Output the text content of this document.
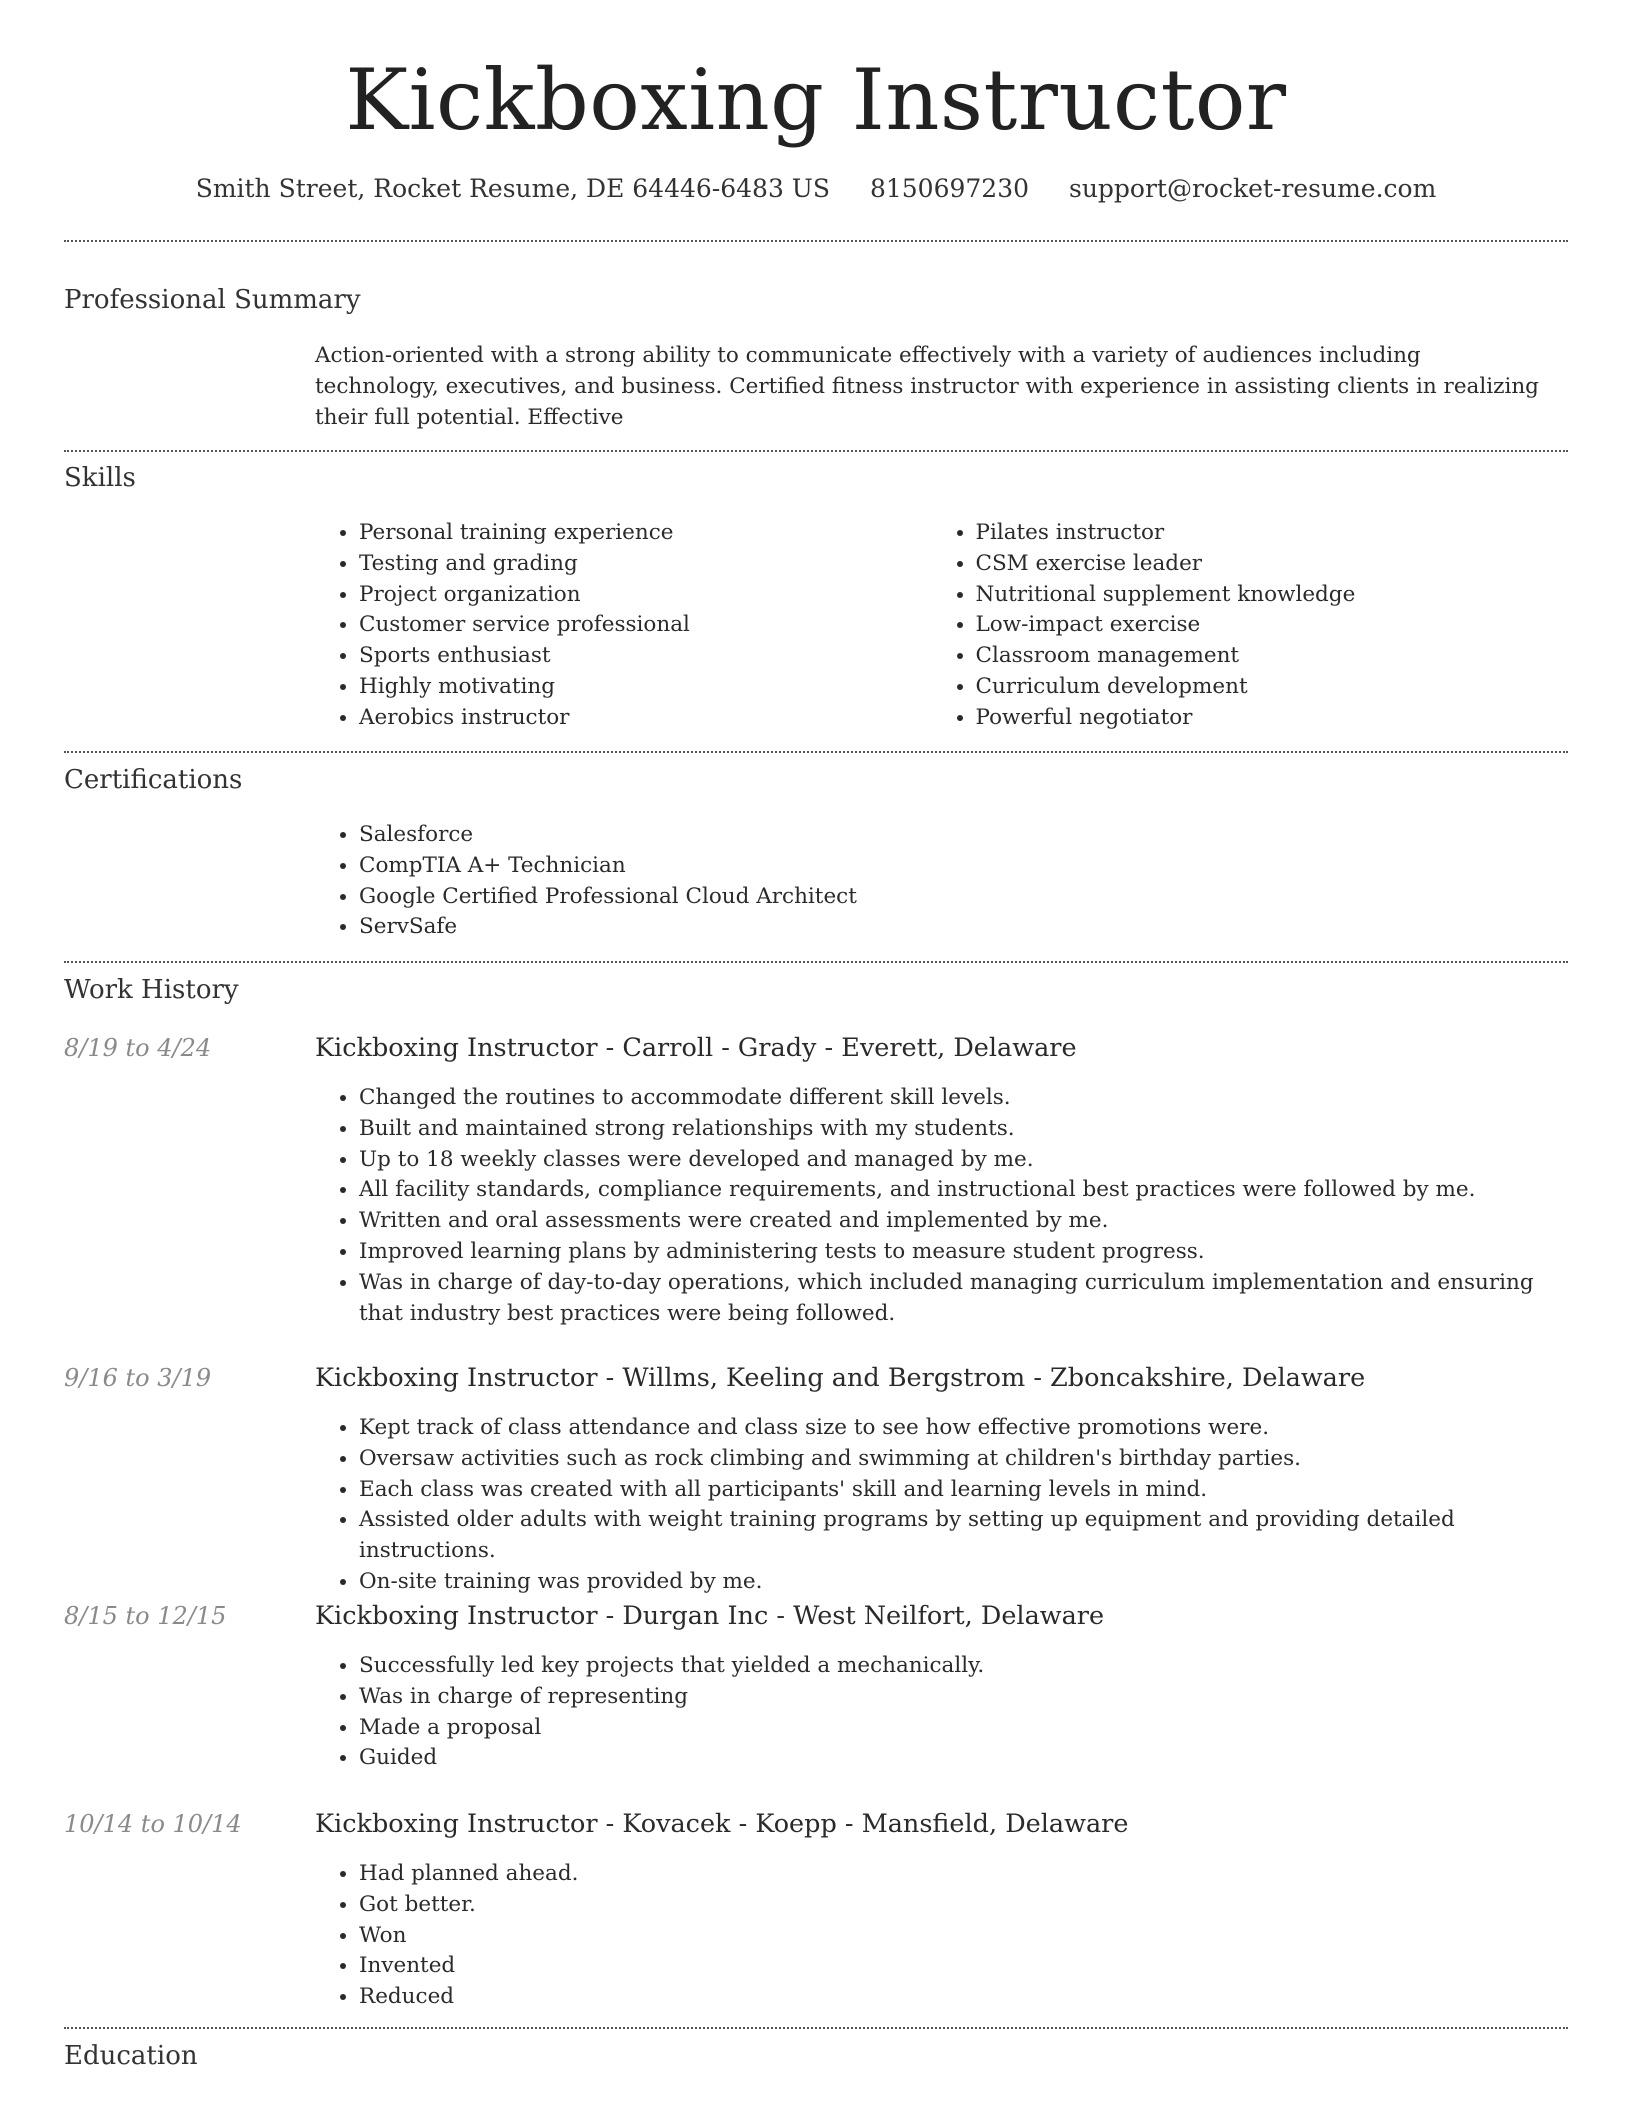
Kickboxing Instructor
Smith Street, Rocket Resume, DE 64446-6483 US 8150697230 support@rocket-resume.com
Professional Summary

Action-oriented with a strong ability to communicate effectively with a variety of audiences including technology, executives, and business. Certified fitness instructor with experience in assisting clients in realizing their full potential. Effective

Skills
• Personal training experience
• Testing and grading
• Project organization
• Customer service professional
• Sports enthusiast
• Highly motivating
• Aerobics instructor
• Pilates instructor
• CSM exercise leader
• Nutritional supplement knowledge
• Low-impact exercise
• Classroom management
• Curriculum development
• Powerful negotiator
Certifications
• Salesforce
• CompTIA A+ Technician
• Google Certified Professional Cloud Architect
• ServSafe
Work History
8/19 to 4/24	Kickboxing Instructor - Carroll - Grady - Everett, Delaware
• Changed the routines to accommodate different skill levels.
• Built and maintained strong relationships with my students.
• Up to 18 weekly classes were developed and managed by me.
• All facility standards, compliance requirements, and instructional best practices were followed by me.
• Written and oral assessments were created and implemented by me.
• Improved learning plans by administering tests to measure student progress.
• Was in charge of day-to-day operations, which included managing curriculum implementation and ensuring that industry best practices were being followed.
9/16 to 3/19	Kickboxing Instructor - Willms, Keeling and Bergstrom - Zboncakshire, Delaware
• Kept track of class attendance and class size to see how effective promotions were.
• Oversaw activities such as rock climbing and swimming at children's birthday parties.
• Each class was created with all participants' skill and learning levels in mind.
• Assisted older adults with weight training programs by setting up equipment and providing detailed instructions.
• On-site training was provided by me.
8/15 to 12/15	Kickboxing Instructor - Durgan Inc - West Neilfort, Delaware
• Successfully led key projects that yielded a mechanically.
• Was in charge of representing
• Made a proposal
• Guided
10/14 to 10/14	Kickboxing Instructor - Kovacek - Koepp - Mansfield, Delaware
• Had planned ahead.
• Got better.
• Won
• Invented
• Reduced
Education
